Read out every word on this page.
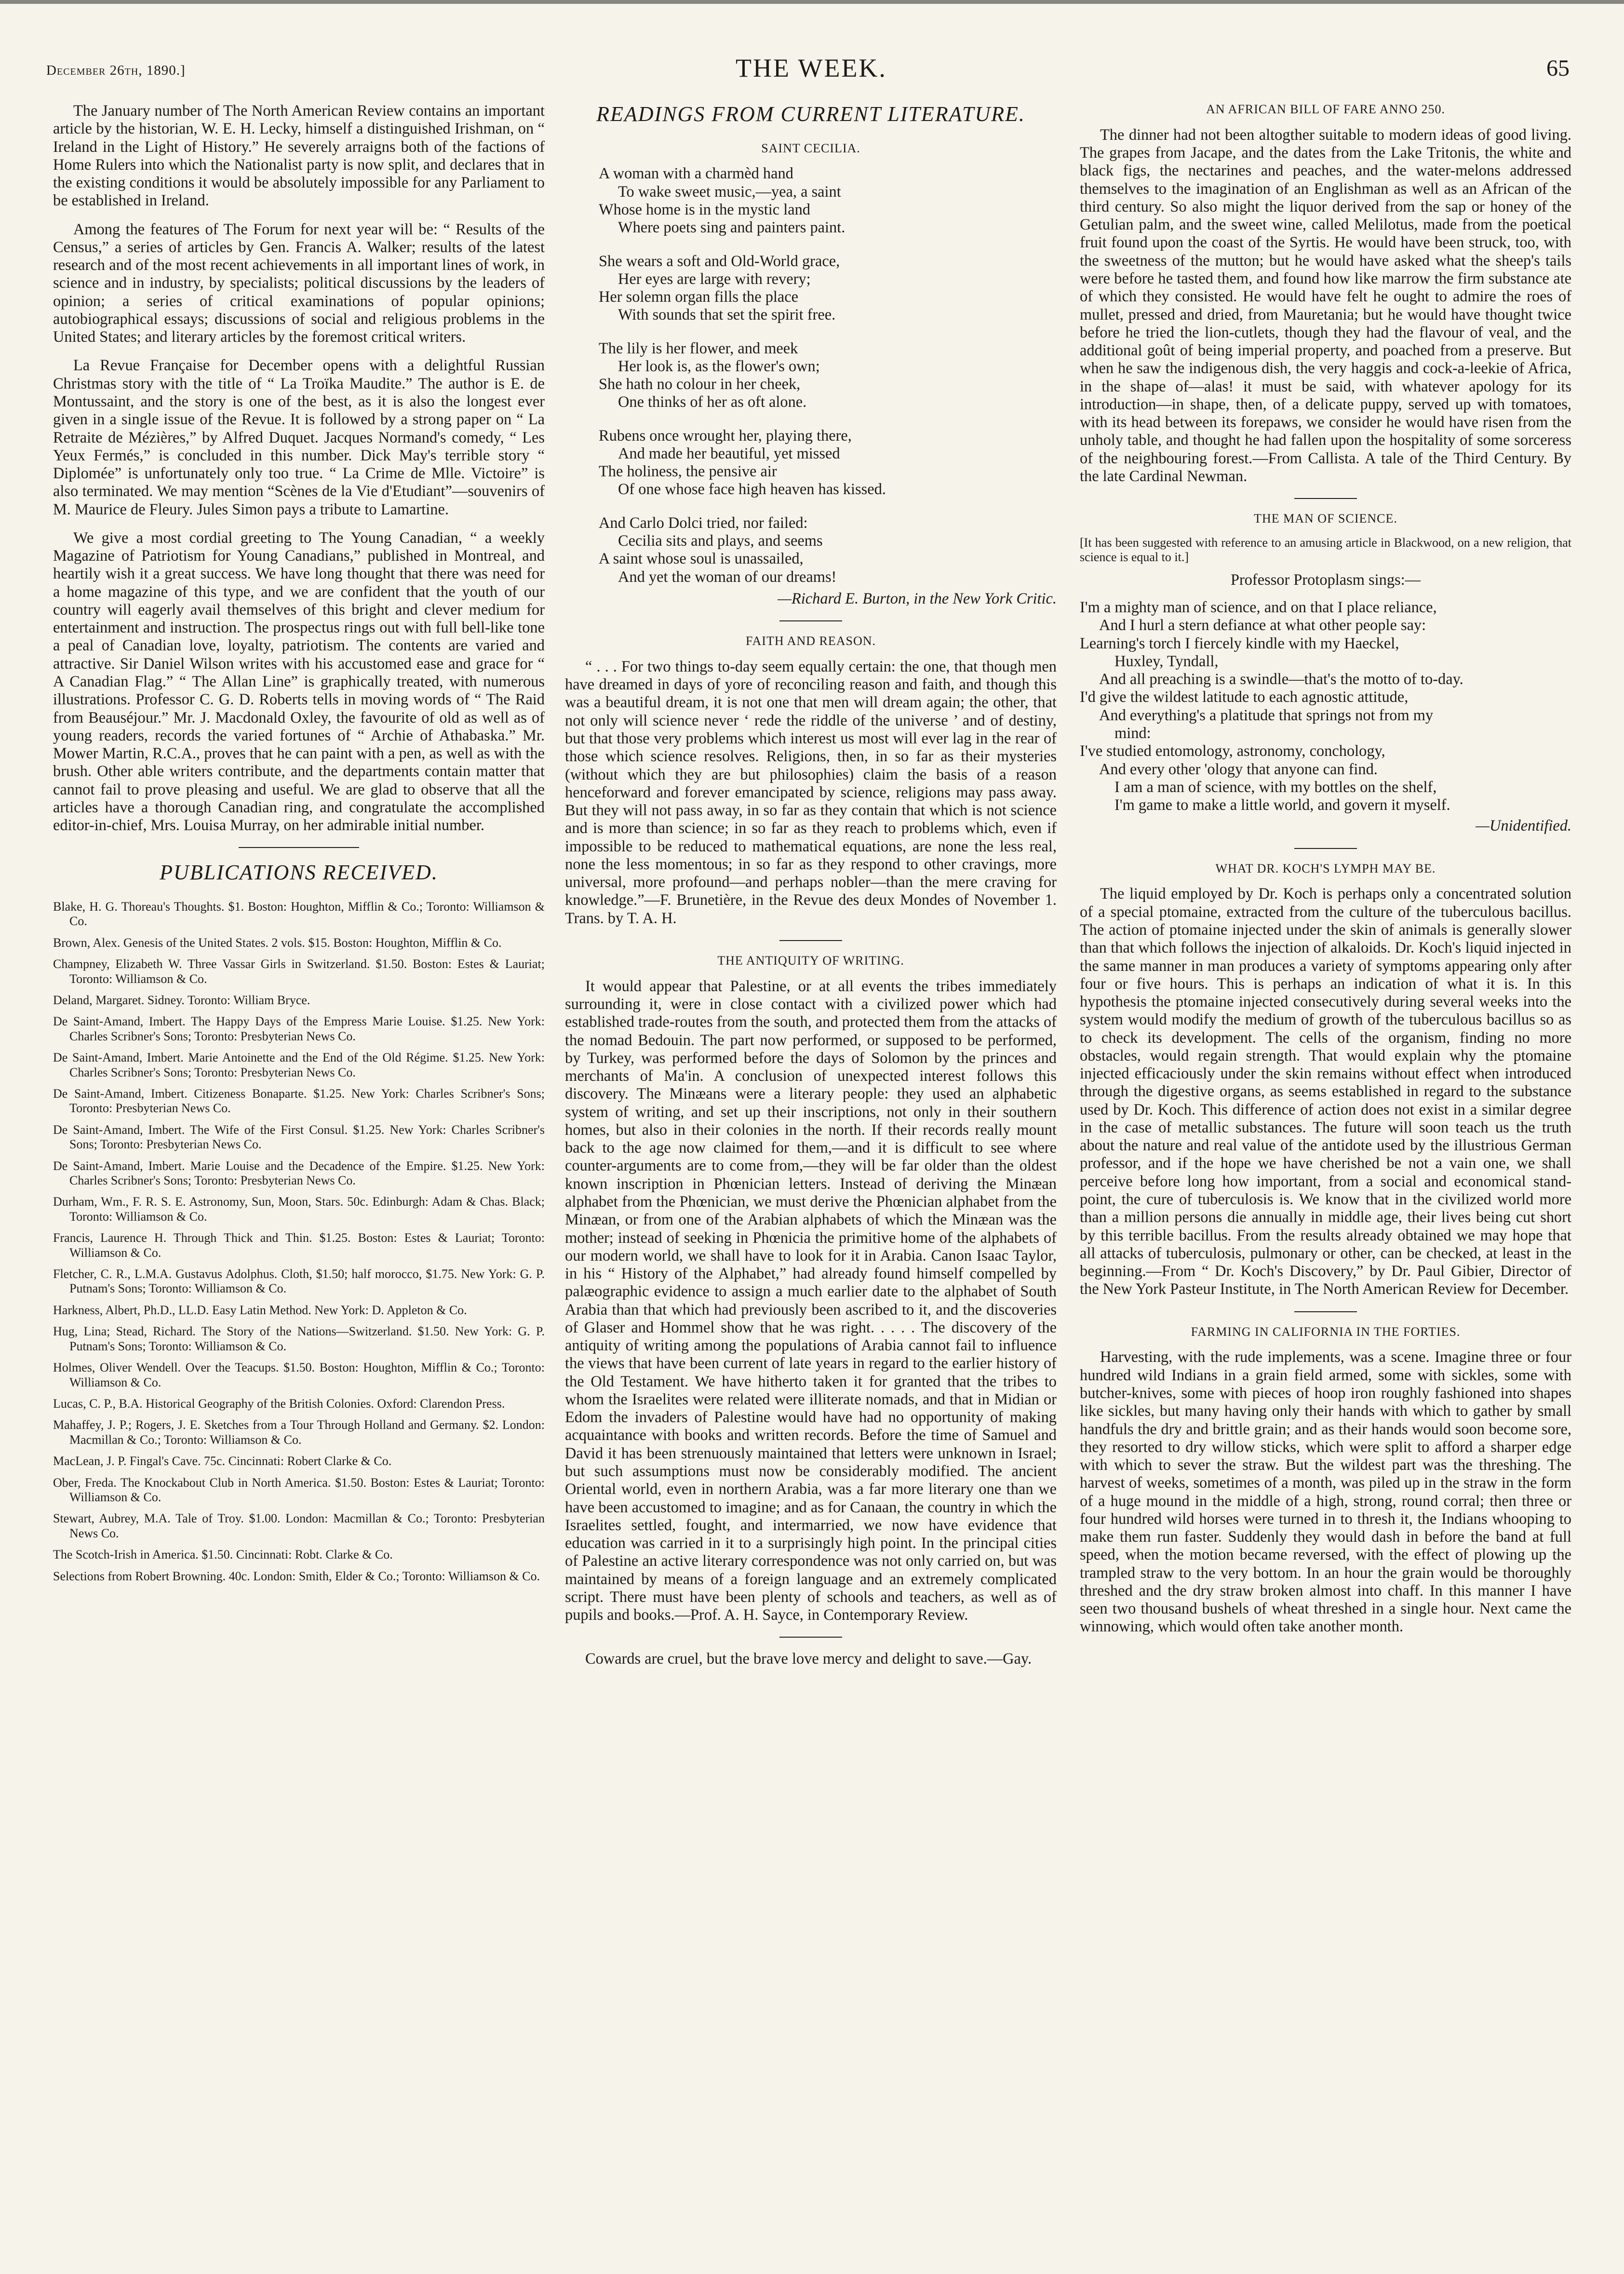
December 26th, 1890.]	THE WEEK.	65

The January number of The North American Review contains an important article by the historian, W. E. H. Lecky, himself a distinguished Irishman, on “ Ireland in the Light of History.” He severely arraigns both of the factions of Home Rulers into which the Nationalist party is now split, and declares that in the existing conditions it would be absolutely impossible for any Parliament to be established in Ireland.

Among the features of The Forum for next year will be: “ Results of the Census,” a series of articles by Gen. Francis A. Walker; results of the latest research and of the most recent achievements in all important lines of work, in science and in industry, by specialists; political discussions by the leaders of opinion; a series of critical examinations of popular opinions; autobiographical essays; discussions of social and religious problems in the United States; and literary articles by the foremost critical writers.

La Revue Française for December opens with a delightful Russian Christmas story with the title of “ La Troïka Maudite.” The author is E. de Montussaint, and the story is one of the best, as it is also the longest ever given in a single issue of the Revue. It is followed by a strong paper on “ La Retraite de Mézières,” by Alfred Duquet. Jacques Normand's comedy, “ Les Yeux Fermés,” is concluded in this number. Dick May's terrible story “ Diplomée” is unfortunately only too true. “ La Crime de Mlle. Victoire” is also terminated. We may mention “Scènes de la Vie d'Etudiant”—souvenirs of M. Maurice de Fleury. Jules Simon pays a tribute to Lamartine.

We give a most cordial greeting to The Young Canadian, “ a weekly Magazine of Patriotism for Young Canadians,” published in Montreal, and heartily wish it a great success. We have long thought that there was need for a home magazine of this type, and we are confident that the youth of our country will eagerly avail themselves of this bright and clever medium for entertainment and instruction. The prospectus rings out with full bell-like tone a peal of Canadian love, loyalty, patriotism. The contents are varied and attractive. Sir Daniel Wilson writes with his accustomed ease and grace for “ A Canadian Flag.” “ The Allan Line” is graphically treated, with numerous illustrations. Professor C. G. D. Roberts tells in moving words of “ The Raid from Beauséjour.” Mr. J. Macdonald Oxley, the favourite of old as well as of young readers, records the varied fortunes of “ Archie of Athabaska.” Mr. Mower Martin, R.C.A., proves that he can paint with a pen, as well as with the brush. Other able writers contribute, and the departments contain matter that cannot fail to prove pleasing and useful. We are glad to observe that all the articles have a thorough Canadian ring, and congratulate the accomplished editor-in-chief, Mrs. Louisa Murray, on her admirable initial number.

PUBLICATIONS RECEIVED.
Blake, H. G. Thoreau's Thoughts. $1. Boston: Houghton, Mifflin & Co.; Toronto: Williamson & Co.
Brown, Alex. Genesis of the United States. 2 vols. $15. Boston: Houghton, Mifflin & Co.
Champney, Elizabeth W. Three Vassar Girls in Switzerland. $1.50. Boston: Estes & Lauriat; Toronto: Williamson & Co.
Deland, Margaret. Sidney. Toronto: William Bryce.
De Saint-Amand, Imbert. The Happy Days of the Empress Marie Louise. $1.25. New York: Charles Scribner's Sons; Toronto: Presbyterian News Co.
De Saint-Amand, Imbert. Marie Antoinette and the End of the Old Régime. $1.25. New York: Charles Scribner's Sons; Toronto: Presbyterian News Co.
De Saint-Amand, Imbert. Citizeness Bonaparte. $1.25. New York: Charles Scribner's Sons; Toronto: Presbyterian News Co.
De Saint-Amand, Imbert. The Wife of the First Consul. $1.25. New York: Charles Scribner's Sons; Toronto: Presbyterian News Co.
De Saint-Amand, Imbert. Marie Louise and the Decadence of the Empire. $1.25. New York: Charles Scribner's Sons; Toronto: Presbyterian News Co.
Durham, Wm., F. R. S. E. Astronomy, Sun, Moon, Stars. 50c. Edinburgh: Adam & Chas. Black; Toronto: Williamson & Co.
Francis, Laurence H. Through Thick and Thin. $1.25. Boston: Estes & Lauriat; Toronto: Williamson & Co.
Fletcher, C. R., L.M.A. Gustavus Adolphus. Cloth, $1.50; half morocco, $1.75. New York: G. P. Putnam's Sons; Toronto: Williamson & Co.
Harkness, Albert, Ph.D., LL.D. Easy Latin Method. New York: D. Appleton & Co.
Hug, Lina; Stead, Richard. The Story of the Nations—Switzerland. $1.50. New York: G. P. Putnam's Sons; Toronto: Williamson & Co.
Holmes, Oliver Wendell. Over the Teacups. $1.50. Boston: Houghton, Mifflin & Co.; Toronto: Williamson & Co.
Lucas, C. P., B.A. Historical Geography of the British Colonies. Oxford: Clarendon Press.
Mahaffey, J. P.; Rogers, J. E. Sketches from a Tour Through Holland and Germany. $2. London: Macmillan & Co.; Toronto: Williamson & Co.
MacLean, J. P. Fingal's Cave. 75c. Cincinnati: Robert Clarke & Co.
Ober, Freda. The Knockabout Club in North America. $1.50. Boston: Estes & Lauriat; Toronto: Williamson & Co.
Stewart, Aubrey, M.A. Tale of Troy. $1.00. London: Macmillan & Co.; Toronto: Presbyterian News Co.
The Scotch-Irish in America. $1.50. Cincinnati: Robt. Clarke & Co.
Selections from Robert Browning. 40c. London: Smith, Elder & Co.; Toronto: Williamson & Co.
READINGS FROM CURRENT LITERATURE.
SAINT CECILIA.
A woman with a charmèd hand
To wake sweet music,—yea, a saint
Whose home is in the mystic land
Where poets sing and painters paint.
She wears a soft and Old-World grace,
Her eyes are large with revery;
Her solemn organ fills the place
With sounds that set the spirit free.
The lily is her flower, and meek
Her look is, as the flower's own;
She hath no colour in her cheek,
One thinks of her as oft alone.
Rubens once wrought her, playing there,
And made her beautiful, yet missed
The holiness, the pensive air
Of one whose face high heaven has kissed.
And Carlo Dolci tried, nor failed:
Cecilia sits and plays, and seems
A saint whose soul is unassailed,
And yet the woman of our dreams!
—Richard E. Burton, in the New York Critic.
FAITH AND REASON.

“ . . . For two things to-day seem equally certain: the one, that though men have dreamed in days of yore of reconciling reason and faith, and though this was a beautiful dream, it is not one that men will dream again; the other, that not only will science never ‘ rede the riddle of the universe ’ and of destiny, but that those very problems which interest us most will ever lag in the rear of those which science resolves. Religions, then, in so far as their mysteries (without which they are but philosophies) claim the basis of a reason henceforward and forever emancipated by science, religions may pass away. But they will not pass away, in so far as they contain that which is not science and is more than science; in so far as they reach to problems which, even if impossible to be reduced to mathematical equations, are none the less real, none the less momentous; in so far as they respond to other cravings, more universal, more profound—and perhaps nobler—than the mere craving for knowledge.”—F. Brunetière, in the Revue des deux Mondes of November 1. Trans. by T. A. H.

THE ANTIQUITY OF WRITING.

It would appear that Palestine, or at all events the tribes immediately surrounding it, were in close contact with a civilized power which had established trade-routes from the south, and protected them from the attacks of the nomad Bedouin. The part now performed, or supposed to be performed, by Turkey, was performed before the days of Solomon by the princes and merchants of Ma'in. A conclusion of unexpected interest follows this discovery. The Minæans were a literary people: they used an alphabetic system of writing, and set up their inscriptions, not only in their southern homes, but also in their colonies in the north. If their records really mount back to the age now claimed for them,—and it is difficult to see where counter-arguments are to come from,—they will be far older than the oldest known inscription in Phœnician letters. Instead of deriving the Minæan alphabet from the Phœnician, we must derive the Phœnician alphabet from the Minæan, or from one of the Arabian alphabets of which the Minæan was the mother; instead of seeking in Phœnicia the primitive home of the alphabets of our modern world, we shall have to look for it in Arabia. Canon Isaac Taylor, in his “ History of the Alphabet,” had already found himself compelled by palæographic evidence to assign a much earlier date to the alphabet of South Arabia than that which had previously been ascribed to it, and the discoveries of Glaser and Hommel show that he was right. . . . . The discovery of the antiquity of writing among the populations of Arabia cannot fail to influence the views that have been current of late years in regard to the earlier history of the Old Testament. We have hitherto taken it for granted that the tribes to whom the Israelites were related were illiterate nomads, and that in Midian or Edom the invaders of Palestine would have had no opportunity of making acquaintance with books and written records. Before the time of Samuel and David it has been strenuously maintained that letters were unknown in Israel; but such assumptions must now be considerably modified. The ancient Oriental world, even in northern Arabia, was a far more literary one than we have been accustomed to imagine; and as for Canaan, the country in which the Israelites settled, fought, and intermarried, we now have evidence that education was carried in it to a surprisingly high point. In the principal cities of Palestine an active literary correspondence was not only carried on, but was maintained by means of a foreign language and an extremely complicated script. There must have been plenty of schools and teachers, as well as of pupils and books.—Prof. A. H. Sayce, in Contemporary Review.

Cowards are cruel, but the brave love mercy and delight to save.—Gay.

AN AFRICAN BILL OF FARE ANNO 250.

The dinner had not been altogther suitable to modern ideas of good living. The grapes from Jacape, and the dates from the Lake Tritonis, the white and black figs, the nectarines and peaches, and the water-melons addressed themselves to the imagination of an Englishman as well as an African of the third century. So also might the liquor derived from the sap or honey of the Getulian palm, and the sweet wine, called Melilotus, made from the poetical fruit found upon the coast of the Syrtis. He would have been struck, too, with the sweetness of the mutton; but he would have asked what the sheep's tails were before he tasted them, and found how like marrow the firm substance ate of which they consisted. He would have felt he ought to admire the roes of mullet, pressed and dried, from Mauretania; but he would have thought twice before he tried the lion-cutlets, though they had the flavour of veal, and the additional goût of being imperial property, and poached from a preserve. But when he saw the indigenous dish, the very haggis and cock-a-leekie of Africa, in the shape of—alas! it must be said, with whatever apology for its introduction—in shape, then, of a delicate puppy, served up with tomatoes, with its head between its forepaws, we consider he would have risen from the unholy table, and thought he had fallen upon the hospitality of some sorceress of the neighbouring forest.—From Callista. A tale of the Third Century. By the late Cardinal Newman.

THE MAN OF SCIENCE.
[It has been suggested with reference to an amusing article in Blackwood, on a new religion, that science is equal to it.]
Professor Protoplasm sings:—
I'm a mighty man of science, and on that I place reliance,
And I hurl a stern defiance at what other people say:
Learning's torch I fiercely kindle with my Haeckel,
Huxley, Tyndall,
And all preaching is a swindle—that's the motto of to-day.
I'd give the wildest latitude to each agnostic attitude,
And everything's a platitude that springs not from my
mind:
I've studied entomology, astronomy, conchology,
And every other 'ology that anyone can find.
I am a man of science, with my bottles on the shelf,
I'm game to make a little world, and govern it myself.
—Unidentified.
WHAT DR. KOCH'S LYMPH MAY BE.

The liquid employed by Dr. Koch is perhaps only a concentrated solution of a special ptomaine, extracted from the culture of the tuberculous bacillus. The action of ptomaine injected under the skin of animals is generally slower than that which follows the injection of alkaloids. Dr. Koch's liquid injected in the same manner in man produces a variety of symptoms appearing only after four or five hours. This is perhaps an indication of what it is. In this hypothesis the ptomaine injected consecutively during several weeks into the system would modify the medium of growth of the tuberculous bacillus so as to check its development. The cells of the organism, finding no more obstacles, would regain strength. That would explain why the ptomaine injected efficaciously under the skin remains without effect when introduced through the digestive organs, as seems established in regard to the substance used by Dr. Koch. This difference of action does not exist in a similar degree in the case of metallic substances. The future will soon teach us the truth about the nature and real value of the antidote used by the illustrious German professor, and if the hope we have cherished be not a vain one, we shall perceive before long how important, from a social and economical stand-point, the cure of tuberculosis is. We know that in the civilized world more than a million persons die annually in middle age, their lives being cut short by this terrible bacillus. From the results already obtained we may hope that all attacks of tuberculosis, pulmonary or other, can be checked, at least in the beginning.—From “ Dr. Koch's Discovery,” by Dr. Paul Gibier, Director of the New York Pasteur Institute, in The North American Review for December.

FARMING IN CALIFORNIA IN THE FORTIES.

Harvesting, with the rude implements, was a scene. Imagine three or four hundred wild Indians in a grain field armed, some with sickles, some with butcher-knives, some with pieces of hoop iron roughly fashioned into shapes like sickles, but many having only their hands with which to gather by small handfuls the dry and brittle grain; and as their hands would soon become sore, they resorted to dry willow sticks, which were split to afford a sharper edge with which to sever the straw. But the wildest part was the threshing. The harvest of weeks, sometimes of a month, was piled up in the straw in the form of a huge mound in the middle of a high, strong, round corral; then three or four hundred wild horses were turned in to thresh it, the Indians whooping to make them run faster. Suddenly they would dash in before the band at full speed, when the motion became reversed, with the effect of plowing up the trampled straw to the very bottom. In an hour the grain would be thoroughly threshed and the dry straw broken almost into chaff. In this manner I have seen two thousand bushels of wheat threshed in a single hour. Next came the winnowing, which would often take another month.
